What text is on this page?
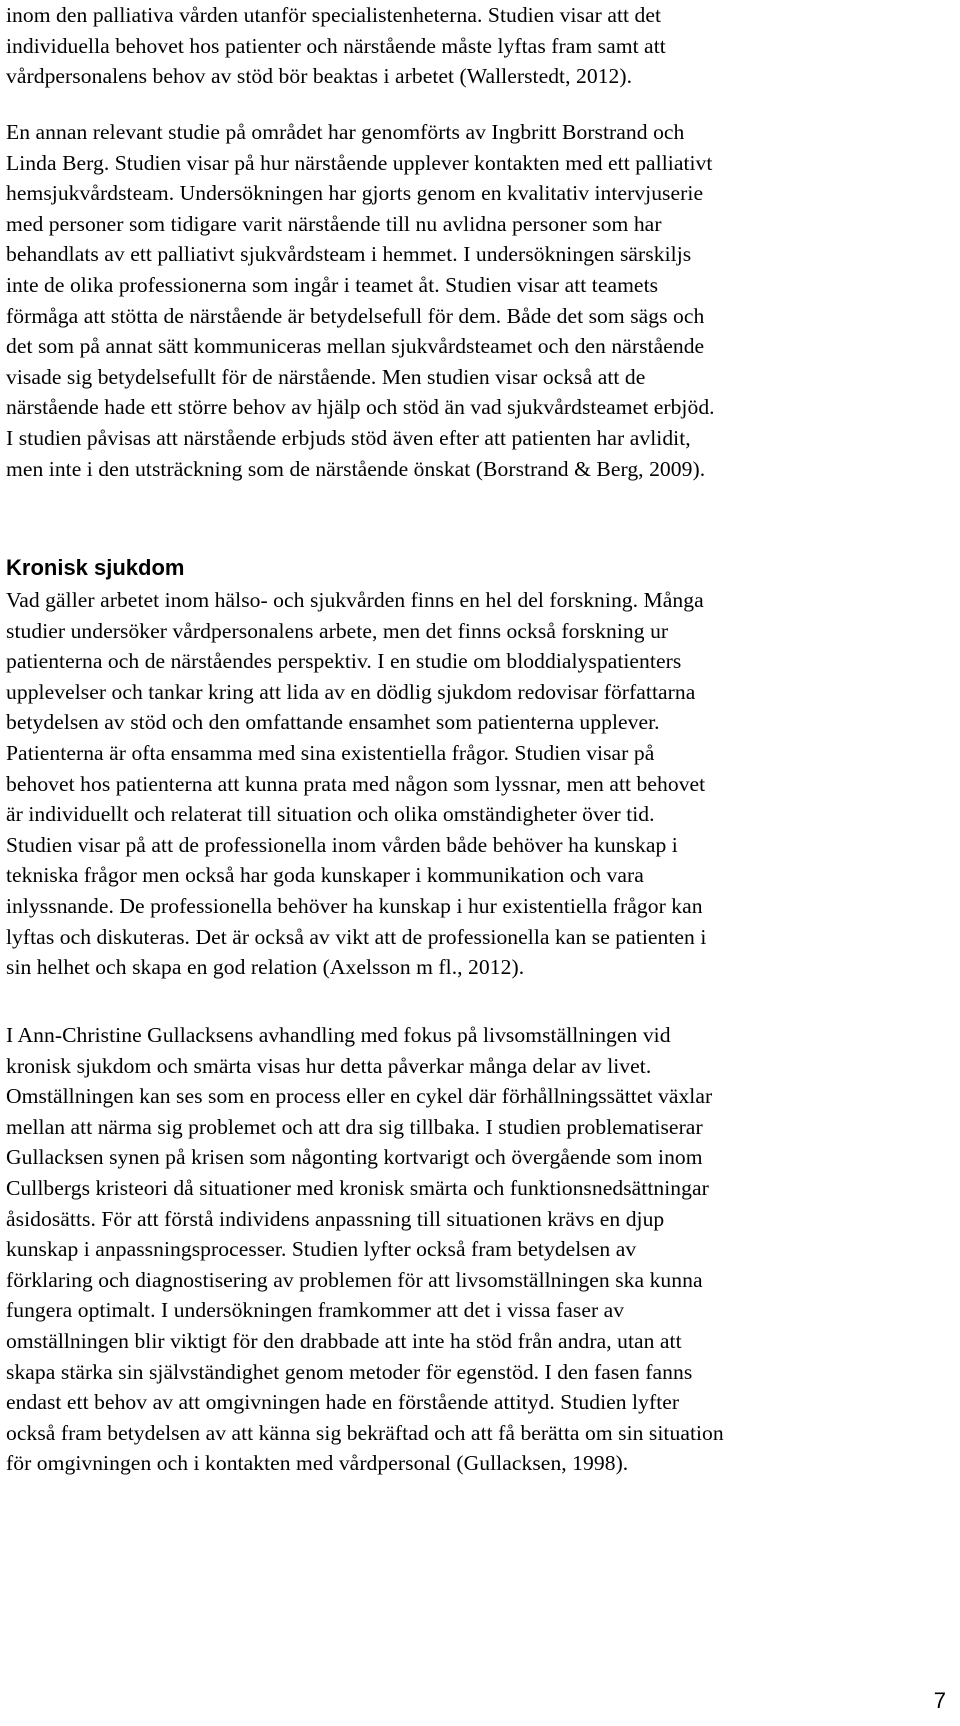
inom den palliativa vården utanför specialistenheterna. Studien visar att det
individuella behovet hos patienter och närstående måste lyftas fram samt att
vårdpersonalens behov av stöd bör beaktas i arbetet (Wallerstedt, 2012).

En annan relevant studie på området har genomförts av Ingbritt Borstrand och
Linda Berg. Studien visar på hur närstående upplever kontakten med ett palliativt
hemsjukvårdsteam. Undersökningen har gjorts genom en kvalitativ intervjuserie
med personer som tidigare varit närstående till nu avlidna personer som har
behandlats av ett palliativt sjukvårdsteam i hemmet. I undersökningen särskiljs
inte de olika professionerna som ingår i teamet åt. Studien visar att teamets
förmåga att stötta de närstående är betydelsefull för dem. Både det som sägs och
det som på annat sätt kommuniceras mellan sjukvårdsteamet och den närstående
visade sig betydelsefullt för de närstående. Men studien visar också att de
närstående hade ett större behov av hjälp och stöd än vad sjukvårdsteamet erbjöd.
I studien påvisas att närstående erbjuds stöd även efter att patienten har avlidit,
men inte i den utsträckning som de närstående önskat (Borstrand & Berg, 2009).

Kronisk sjukdom

Vad gäller arbetet inom hälso- och sjukvården finns en hel del forskning. Många
studier undersöker vårdpersonalens arbete, men det finns också forskning ur
patienterna och de närståendes perspektiv. I en studie om bloddialyspatienters
upplevelser och tankar kring att lida av en dödlig sjukdom redovisar författarna
betydelsen av stöd och den omfattande ensamhet som patienterna upplever.
Patienterna är ofta ensamma med sina existentiella frågor. Studien visar på
behovet hos patienterna att kunna prata med någon som lyssnar, men att behovet
är individuellt och relaterat till situation och olika omständigheter över tid.
Studien visar på att de professionella inom vården både behöver ha kunskap i
tekniska frågor men också har goda kunskaper i kommunikation och vara
inlyssnande. De professionella behöver ha kunskap i hur existentiella frågor kan
lyftas och diskuteras. Det är också av vikt att de professionella kan se patienten i
sin helhet och skapa en god relation (Axelsson m fl., 2012).

I Ann-Christine Gullacksens avhandling med fokus på livsomställningen vid
kronisk sjukdom och smärta visas hur detta påverkar många delar av livet.
Omställningen kan ses som en process eller en cykel där förhållningssättet växlar
mellan att närma sig problemet och att dra sig tillbaka. I studien problematiserar
Gullacksen synen på krisen som någonting kortvarigt och övergående som inom
Cullbergs kristeori då situationer med kronisk smärta och funktionsnedsättningar
åsidosätts. För att förstå individens anpassning till situationen krävs en djup
kunskap i anpassningsprocesser. Studien lyfter också fram betydelsen av
förklaring och diagnostisering av problemen för att livsomställningen ska kunna
fungera optimalt. I undersökningen framkommer att det i vissa faser av
omställningen blir viktigt för den drabbade att inte ha stöd från andra, utan att
skapa stärka sin självständighet genom metoder för egenstöd. I den fasen fanns
endast ett behov av att omgivningen hade en förstående attityd. Studien lyfter
också fram betydelsen av att känna sig bekräftad och att få berätta om sin situation
för omgivningen och i kontakten med vårdpersonal (Gullacksen, 1998).

7
